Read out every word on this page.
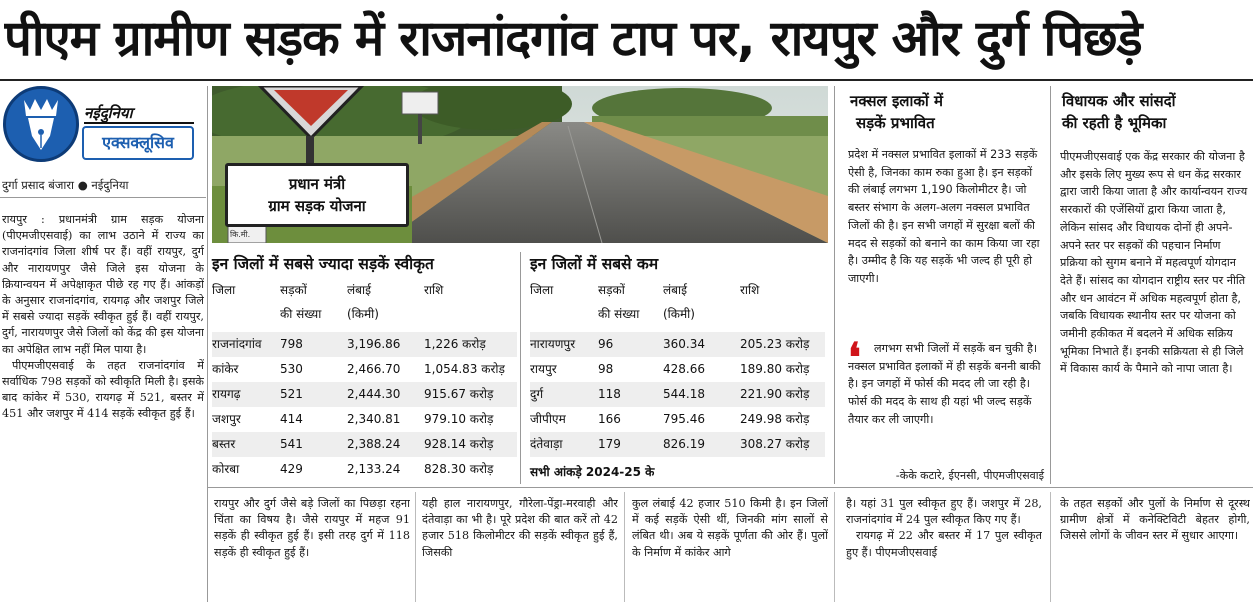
पीएम ग्रामीण सड़क में राजनांदगांव टाप पर, रायपुर और दुर्ग पिछड़े
नईदुनिया
एक्सक्लूसिव
दुर्गा प्रसाद बंजारा ● नईदुनिया

रायपुर : प्रधानमंत्री ग्राम सड़क योजना (पीएमजीएसवाई) का लाभ उठाने में राज्य का राजनांदगांव जिला शीर्ष पर हैं। वहीं रायपुर, दुर्ग और नारायणपुर जैसे जिले इस योजना के क्रियान्वयन में अपेक्षाकृत पीछे रह गए हैं। आंकड़ों के अनुसार राजनांदगांव, रायगढ़ और जशपुर जिले में सबसे ज्यादा सड़कें स्वीकृत हुई हैं। वहीं रायपुर, दुर्ग, नारायणपुर जैसे जिलों को केंद्र की इस योजना का अपेक्षित लाभ नहीं मिल पाया है।

पीएमजीएसवाई के तहत राजनांदगांव में सर्वाधिक 798 सड़कों को स्वीकृति मिली है। इसके बाद कांकेर में 530, रायगढ़ में 521, बस्तर में 451 और जशपुर में 414 सड़कें स्वीकृत हुई हैं।

प्रधान मंत्री
ग्राम सड़क योजना
कि.मी.
इन जिलों में सबसे ज्यादा सड़कें स्वीकृत
जिला	सड़कों
की संख्या
लंबाई
(किमी)
राशि
राजनांदगांव 798	3,196.86 1,226 करोड़
कांकेर	530	2,466.70 1,054.83 करोड़
रायगढ़	521	2,444.30 915.67 करोड़
जशपुर	414	2,340.81 979.10 करोड़
बस्तर	541	2,388.24 928.14 करोड़
कोरबा	429	2,133.24 828.30 करोड़
इन जिलों में सबसे कम
जिला	सड़कों
की संख्या
लंबाई
(किमी)
राशि
नारायणपुर 96	360.34	205.23 करोड़
रायपुर	98	428.66	189.80 करोड़
दुर्ग	118	544.18	221.90 करोड़
जीपीएम	166	795.46	249.98 करोड़
दंतेवाड़ा	179	826.19	308.27 करोड़
सभी आंकड़े 2024-25 के
नक्सल इलाकों में
सड़कें प्रभावित
प्रदेश में नक्सल प्रभावित इलाकों में 233 सड़कें ऐसी है, जिनका काम रुका हुआ है। इन सड़कों की लंबाई लगभग 1,190 किलोमीटर है। जो बस्तर संभाग के अलग-अलग नक्सल प्रभावित जिलों की है। इन सभी जगहों में सुरक्षा बलों की मदद से सड़कों को बनाने का काम किया जा रहा है। उम्मीद है कि यह सड़कें भी जल्द ही पूरी हो जाएगी।
❛	लगभग सभी जिलों में सड़कें बन चुकी है। नक्सल प्रभावित इलाकों में ही सड़कें बननी बाकी है। इन जगहों में फोर्स की मदद ली जा रही है। फोर्स की मदद के साथ ही यहां भी जल्द सड़कें तैयार कर ली जाएगी।
-केके कटारे, ईएनसी, पीएमजीएसवाई
विधायक और सांसदों
की रहती है भूमिका
पीएमजीएसवाई एक केंद्र सरकार की योजना है और इसके लिए मुख्य रूप से धन केंद्र सरकार द्वारा जारी किया जाता है और कार्यान्वयन राज्य सरकारों की एजेंसियों द्वारा किया जाता है, लेकिन सांसद और विधायक दोनों ही अपने-अपने स्तर पर सड़कों की पहचान निर्माण प्रक्रिया को सुगम बनाने में महत्वपूर्ण योगदान देते हैं। सांसद का योगदान राष्ट्रीय स्तर पर नीति और धन आवंटन में अधिक महत्वपूर्ण होता है, जबकि विधायक स्थानीय स्तर पर योजना को जमीनी हकीकत में बदलने में अधिक सक्रिय भूमिका निभाते हैं। इनकी सक्रियता से ही जिले में विकास कार्य के पैमाने को नापा जाता है।
रायपुर और दुर्ग जैसे बड़े जिलों का पिछड़ा रहना चिंता का विषय है। जैसे रायपुर में महज 91 सड़कें ही स्वीकृत हुई हैं। इसी तरह दुर्ग में 118 सड़कें ही स्वीकृत हुई हैं।
यही हाल नारायणपुर, गौरेला-पेंड्रा-मरवाही और दंतेवाड़ा का भी है। पूरे प्रदेश की बात करें तो 42 हजार 518 किलोमीटर की सड़कें स्वीकृत हुई हैं, जिसकी
कुल लंबाई 42 हजार 510 किमी है। इन जिलों में कई सड़कें ऐसी थीं, जिनकी मांग सालों से लंबित थी। अब ये सड़कें पूर्णता की ओर हैं। पुलों के निर्माण में कांकेर आगे

है। यहां 31 पुल स्वीकृत हुए हैं। जशपुर में 28, राजनांदगांव में 24 पुल स्वीकृत किए गए हैं।

रायगढ़ में 22 और बस्तर में 17 पुल स्वीकृत हुए हैं। पीएमजीएसवाई

के तहत सड़कों और पुलों के निर्माण से दूरस्थ ग्रामीण क्षेत्रों में कनेक्टिविटी बेहतर होगी, जिससे लोगों के जीवन स्तर में सुधार आएगा।
